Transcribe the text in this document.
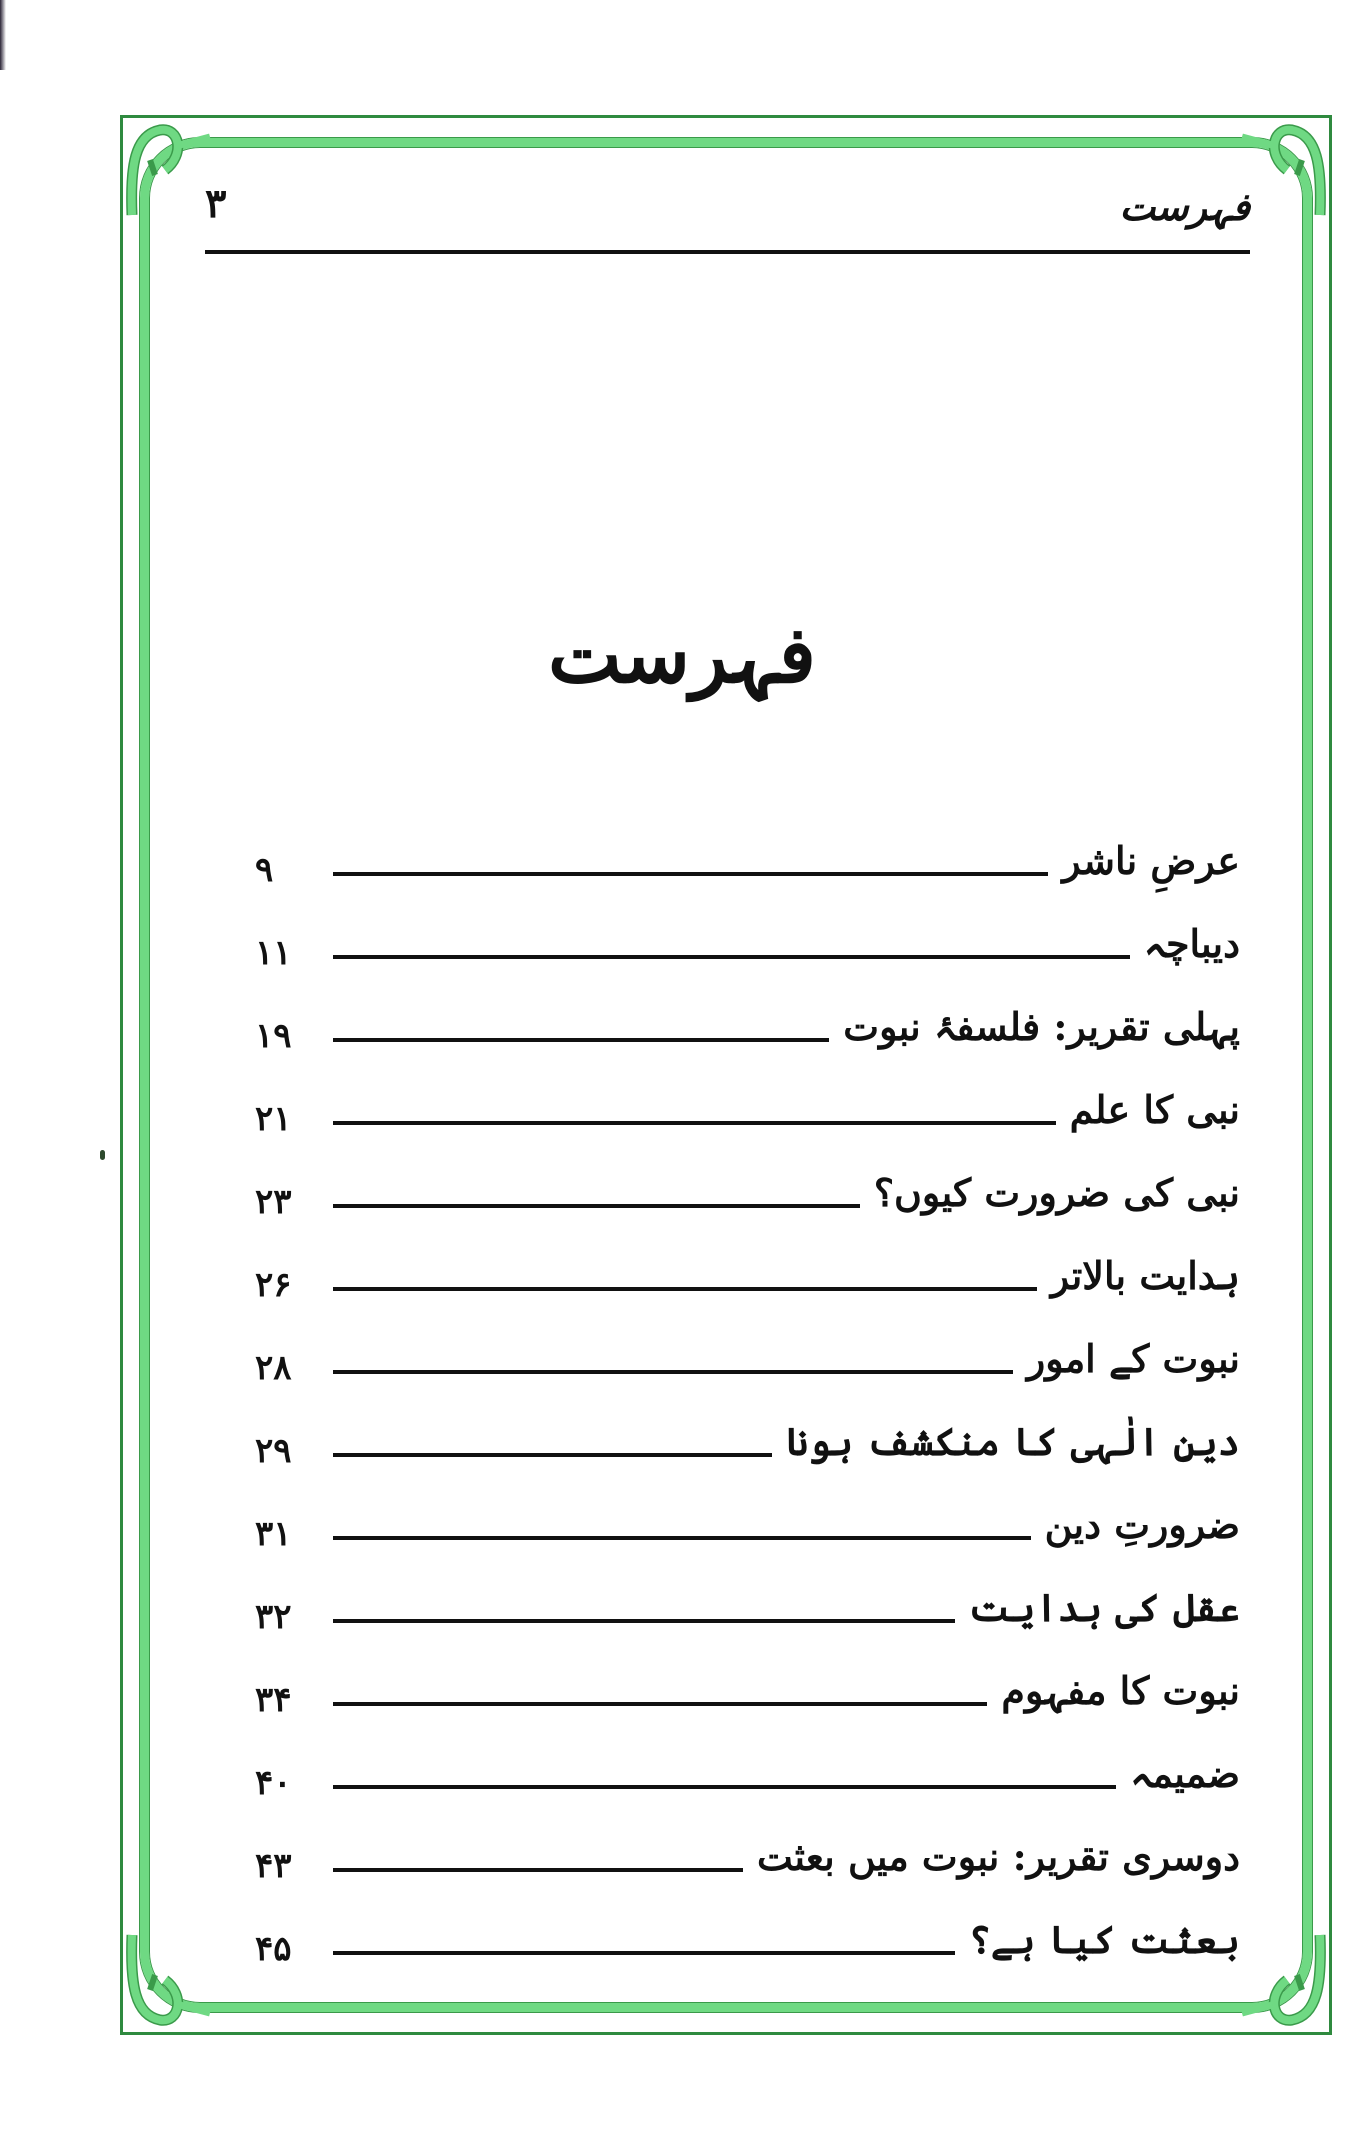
فہرست
۳
فہرست
عرضِ ناشر
۹
دیباچہ
۱۱
پہلی تقریر: فلسفۂ نبوت
۱۹
نبی کا علم
۲۱
نبی کی ضرورت کیوں؟
۲۳
ہدایت بالاتر
۲۶
نبوت کے امور
۲۸
دینِ الٰہی کا منکشف ہونا
۲۹
ضرورتِ دین
۳۱
عقل کی ہدایت
۳۲
نبوت کا مفہوم
۳۴
ضمیمہ
۴۰
دوسری تقریر: نبوت میں بعثت
۴۳
بعثت کیا ہے؟
۴۵
